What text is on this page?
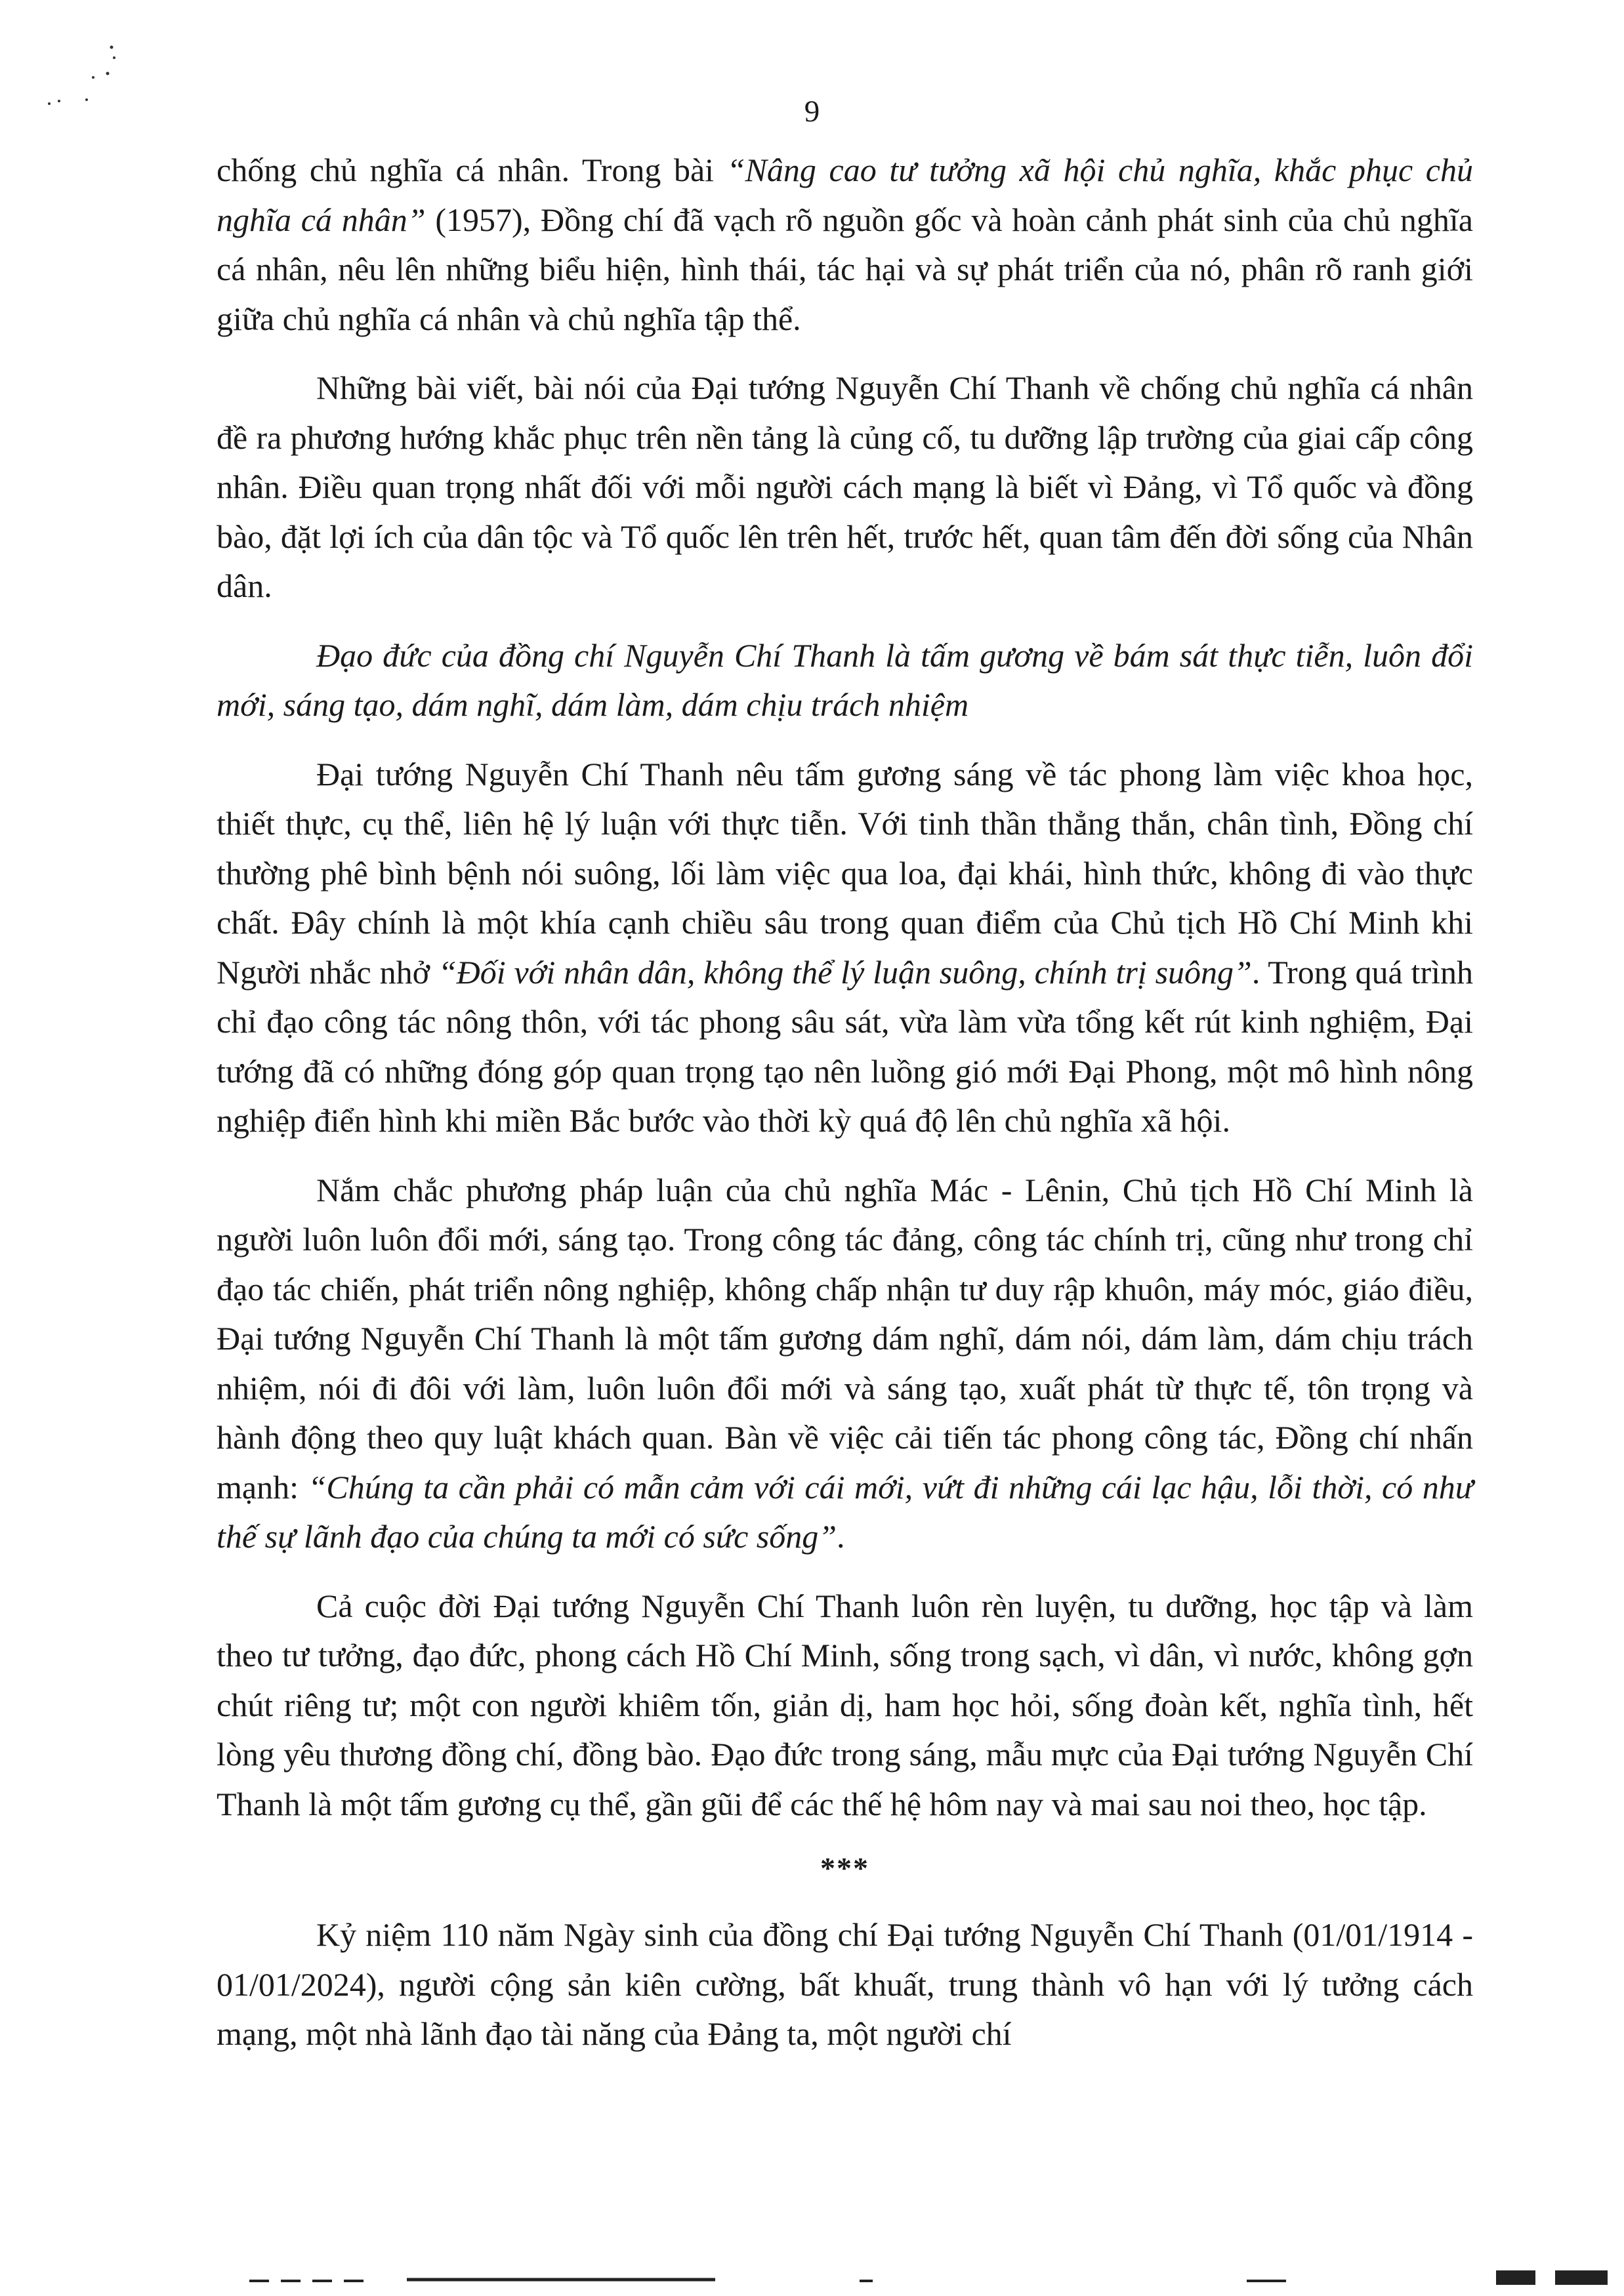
9

chống chủ nghĩa cá nhân. Trong bài “Nâng cao tư tưởng xã hội chủ nghĩa, khắc phục chủ nghĩa cá nhân” (1957), Đồng chí đã vạch rõ nguồn gốc và hoàn cảnh phát sinh của chủ nghĩa cá nhân, nêu lên những biểu hiện, hình thái, tác hại và sự phát triển của nó, phân rõ ranh giới giữa chủ nghĩa cá nhân và chủ nghĩa tập thể.

Những bài viết, bài nói của Đại tướng Nguyễn Chí Thanh về chống chủ nghĩa cá nhân đề ra phương hướng khắc phục trên nền tảng là củng cố, tu dưỡng lập trường của giai cấp công nhân. Điều quan trọng nhất đối với mỗi người cách mạng là biết vì Đảng, vì Tổ quốc và đồng bào, đặt lợi ích của dân tộc và Tổ quốc lên trên hết, trước hết, quan tâm đến đời sống của Nhân dân.

Đạo đức của đồng chí Nguyễn Chí Thanh là tấm gương về bám sát thực tiễn, luôn đổi mới, sáng tạo, dám nghĩ, dám làm, dám chịu trách nhiệm

Đại tướng Nguyễn Chí Thanh nêu tấm gương sáng về tác phong làm việc khoa học, thiết thực, cụ thể, liên hệ lý luận với thực tiễn. Với tinh thần thẳng thắn, chân tình, Đồng chí thường phê bình bệnh nói suông, lối làm việc qua loa, đại khái, hình thức, không đi vào thực chất. Đây chính là một khía cạnh chiều sâu trong quan điểm của Chủ tịch Hồ Chí Minh khi Người nhắc nhở “Đối với nhân dân, không thể lý luận suông, chính trị suông”. Trong quá trình chỉ đạo công tác nông thôn, với tác phong sâu sát, vừa làm vừa tổng kết rút kinh nghiệm, Đại tướng đã có những đóng góp quan trọng tạo nên luồng gió mới Đại Phong, một mô hình nông nghiệp điển hình khi miền Bắc bước vào thời kỳ quá độ lên chủ nghĩa xã hội.

Nắm chắc phương pháp luận của chủ nghĩa Mác - Lênin, Chủ tịch Hồ Chí Minh là người luôn luôn đổi mới, sáng tạo. Trong công tác đảng, công tác chính trị, cũng như trong chỉ đạo tác chiến, phát triển nông nghiệp, không chấp nhận tư duy rập khuôn, máy móc, giáo điều, Đại tướng Nguyễn Chí Thanh là một tấm gương dám nghĩ, dám nói, dám làm, dám chịu trách nhiệm, nói đi đôi với làm, luôn luôn đổi mới và sáng tạo, xuất phát từ thực tế, tôn trọng và hành động theo quy luật khách quan. Bàn về việc cải tiến tác phong công tác, Đồng chí nhấn mạnh: “Chúng ta cần phải có mẫn cảm với cái mới, vứt đi những cái lạc hậu, lỗi thời, có như thế sự lãnh đạo của chúng ta mới có sức sống”.

Cả cuộc đời Đại tướng Nguyễn Chí Thanh luôn rèn luyện, tu dưỡng, học tập và làm theo tư tưởng, đạo đức, phong cách Hồ Chí Minh, sống trong sạch, vì dân, vì nước, không gợn chút riêng tư; một con người khiêm tốn, giản dị, ham học hỏi, sống đoàn kết, nghĩa tình, hết lòng yêu thương đồng chí, đồng bào. Đạo đức trong sáng, mẫu mực của Đại tướng Nguyễn Chí Thanh là một tấm gương cụ thể, gần gũi để các thế hệ hôm nay và mai sau noi theo, học tập.

***

Kỷ niệm 110 năm Ngày sinh của đồng chí Đại tướng Nguyễn Chí Thanh (01/01/1914 - 01/01/2024), người cộng sản kiên cường, bất khuất, trung thành vô hạn với lý tưởng cách mạng, một nhà lãnh đạo tài năng của Đảng ta, một người chí
